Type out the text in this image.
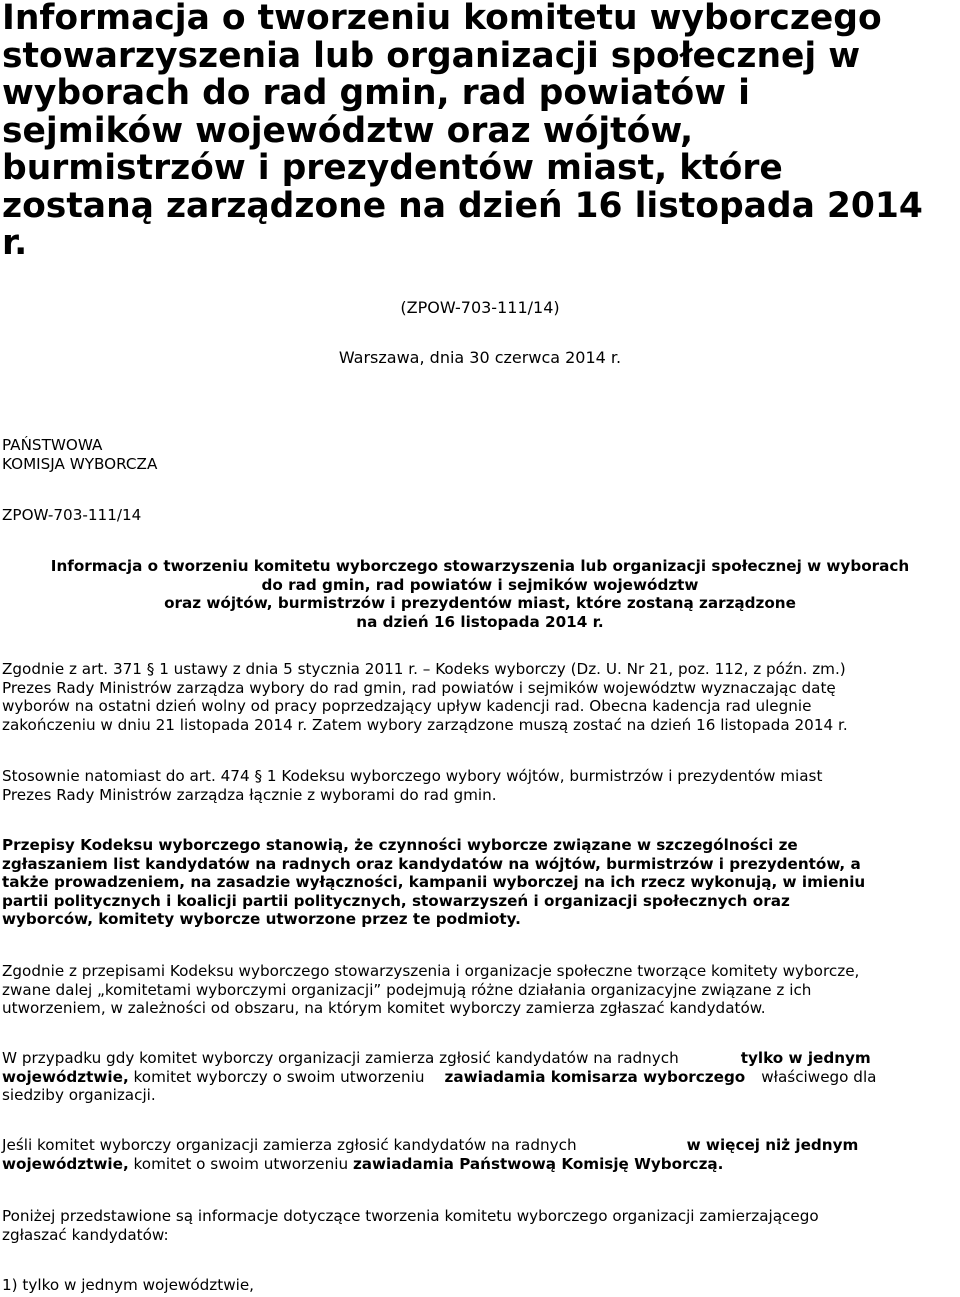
Informacja o tworzeniu komitetu wyborczego
stowarzyszenia lub organizacji społecznej w
wyborach do rad gmin, rad powiatów i
sejmików województw oraz wójtów,
burmistrzów i prezydentów miast, które
zostaną zarządzone na dzień 16 listopada 2014
r.
(ZPOW-703-111/14)
Warszawa, dnia 30 czerwca 2014 r.
PAŃSTWOWA
KOMISJA WYBORCZA
ZPOW-703-111/14
Informacja o tworzeniu komitetu wyborczego stowarzyszenia lub organizacji społecznej w wyborach
do rad gmin, rad powiatów i sejmików województw
oraz wójtów, burmistrzów i prezydentów miast, które zostaną zarządzone
na dzień 16 listopada 2014 r.
Zgodnie z art. 371 § 1 ustawy z dnia 5 stycznia 2011 r. – Kodeks wyborczy (Dz. U. Nr 21, poz. 112, z późn. zm.)
Prezes Rady Ministrów zarządza wybory do rad gmin, rad powiatów i sejmików województw wyznaczając datę
wyborów na ostatni dzień wolny od pracy poprzedzający upływ kadencji rad. Obecna kadencja rad ulegnie
zakończeniu w dniu 21 listopada 2014 r. Zatem wybory zarządzone muszą zostać na dzień 16 listopada 2014 r.
Stosownie natomiast do art. 474 § 1 Kodeksu wyborczego wybory wójtów, burmistrzów i prezydentów miast
Prezes Rady Ministrów zarządza łącznie z wyborami do rad gmin.
Przepisy Kodeksu wyborczego stanowią, że czynności wyborcze związane w szczególności ze
zgłaszaniem list kandydatów na radnych oraz kandydatów na wójtów, burmistrzów i prezydentów, a
także prowadzeniem, na zasadzie wyłączności, kampanii wyborczej na ich rzecz wykonują, w imieniu
partii politycznych i koalicji partii politycznych, stowarzyszeń i organizacji społecznych oraz
wyborców, komitety wyborcze utworzone przez te podmioty.
Zgodnie z przepisami Kodeksu wyborczego stowarzyszenia i organizacje społeczne tworzące komitety wyborcze,
zwane dalej „komitetami wyborczymi organizacji” podejmują różne działania organizacyjne związane z ich
utworzeniem, w zależności od obszaru, na którym komitet wyborczy zamierza zgłaszać kandydatów.
W przypadku gdy komitet wyborczy organizacji zamierza zgłosić kandydatów na radnych	tylko w jednym
województwie, komitet wyborczy o swoim utworzeniu zawiadamia komisarza wyborczego właściwego dla
siedziby organizacji.
Jeśli komitet wyborczy organizacji zamierza zgłosić kandydatów na radnych	w więcej niż jednym
województwie, komitet o swoim utworzeniu zawiadamia Państwową Komisję Wyborczą.
Poniżej przedstawione są informacje dotyczące tworzenia komitetu wyborczego organizacji zamierzającego
zgłaszać kandydatów:
1) tylko w jednym województwie,
